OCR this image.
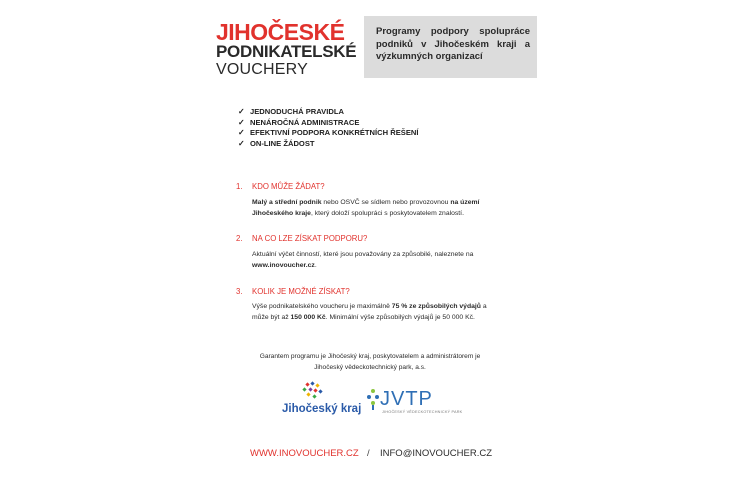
JIHOČESKÉ
PODNIKATELSKÉ
VOUCHERY

Programy podpory spolupráce podniků v Jihočeském kraji a výzkumných organizací

✓ JEDNODUCHÁ PRAVIDLA
✓ NENÁROČNÁ ADMINISTRACE
✓ EFEKTIVNÍ PODPORA KONKRÉTNÍCH ŘEŠENÍ
✓ ON-LINE ŽÁDOST
1. KDO MŮŽE ŽÁDAT?
Malý a střední podnik nebo OSVČ se sídlem nebo provozovnou na území Jihočeského kraje, který doloží spolupráci s poskytovatelem znalostí.
2. NA CO LZE ZÍSKAT PODPORU?
Aktuální výčet činností, které jsou považovány za způsobilé, naleznete na www.inovoucher.cz.
3. KOLIK JE MOŽNÉ ZÍSKAT?
Výše podnikatelského voucheru je maximálně 75 % ze způsobilých výdajů a může být až 150 000 Kč. Minimální výše způsobilých výdajů je 50 000 Kč.
Garantem programu je Jihočeský kraj, poskytovatelem a administrátorem je Jihočeský vědeckotechnický park, a.s.
Jihočeský kraj JVTP
JIHOČESKÝ VĚDECKOTECHNICKÝ PARK
WWW.INOVOUCHER.CZ / INFO@INOVOUCHER.CZ
